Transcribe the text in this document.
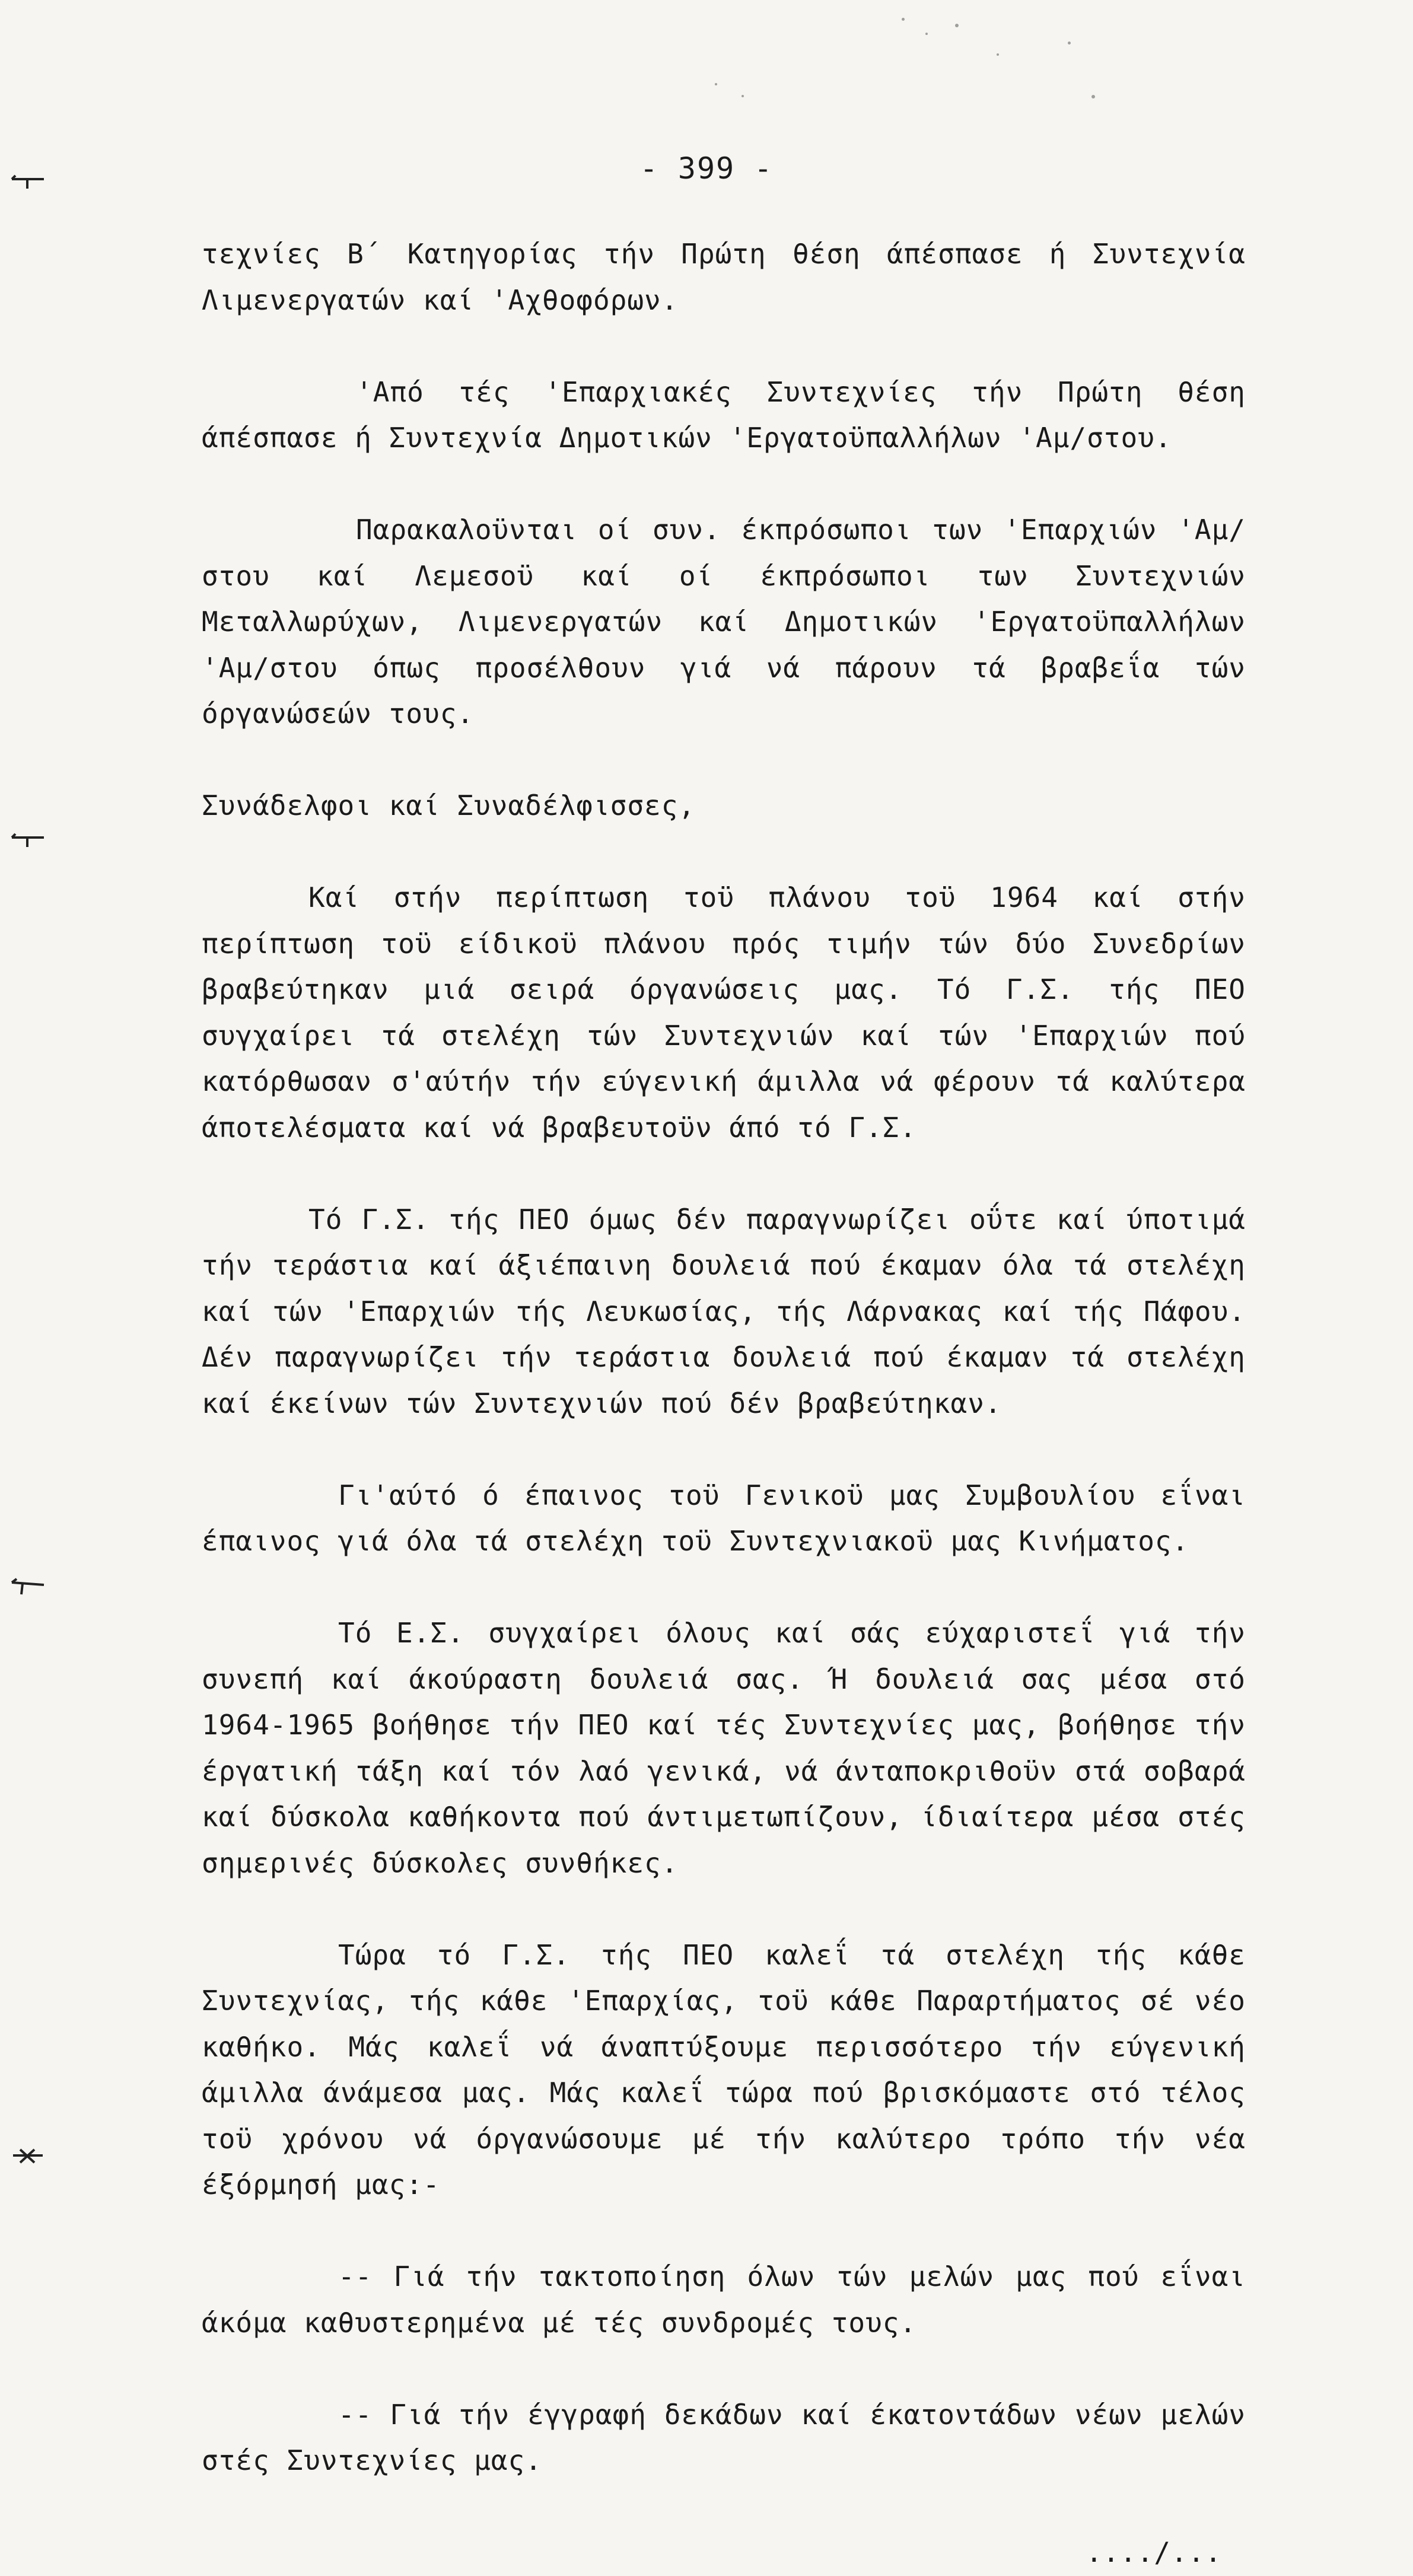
- 399 -

τεχνίες Β΄ Κατηγορίας τήν Πρώτη θέση άπέσπασε ή Συντεχνία Λιμενεργατών καί 'Αχθοφόρων.

'Από τές 'Επαρχιακές Συντεχνίες τήν Πρώτη θέση άπέσπασε ή Συντεχνία Δημοτικών 'Εργατοϋπαλλήλων 'Αμ/στου.

Παρακαλοϋνται οί συν. έκπρόσωποι των 'Επαρχιών 'Αμ/στου καί Λεμεσοϋ καί οί έκπρόσωποι των Συντεχνιών Μεταλλωρύχων, Λιμενεργατών καί Δημοτικών 'Εργατοϋπαλλήλων 'Αμ/στου όπως προσέλθουν γιά νά πάρουν τά βραβεΐα τών όργανώσεών τους.

Συνάδελφοι καί Συναδέλφισσες,

Καί στήν περίπτωση τοϋ πλάνου τοϋ 1964 καί στήν περίπτωση τοϋ είδικοϋ πλάνου πρός τιμήν τών δύο Συνεδρίων βραβεύτηκαν μιά σειρά όργανώσεις μας. Τό Γ.Σ. τής ΠΕΟ συγχαίρει τά στελέχη τών Συντεχνιών καί τών 'Επαρχιών πού κατόρθωσαν σ'αύτήν τήν εύγενική άμιλλα νά φέρουν τά καλύτερα άποτελέσματα καί νά βραβευτοϋν άπό τό Γ.Σ.

Τό Γ.Σ. τής ΠΕΟ όμως δέν παραγνωρίζει οΰτε καί ύποτιμά τήν τεράστια καί άξιέπαινη δουλειά πού έκαμαν όλα τά στελέχη καί τών 'Επαρχιών τής Λευκωσίας, τής Λάρνακας καί τής Πάφου. Δέν παραγνωρίζει τήν τεράστια δουλειά πού έκαμαν τά στελέχη καί έκείνων τών Συντεχνιών πού δέν βραβεύτηκαν.

Γι'αύτό ό έπαινος τοϋ Γενικοϋ μας Συμβουλίου εΐναι έπαινος γιά όλα τά στελέχη τοϋ Συντεχνιακοϋ μας Κινήματος.

Τό Ε.Σ. συγχαίρει όλους καί σάς εύχαριστεΐ γιά τήν συνεπή καί άκούραστη δουλειά σας. Ή δουλειά σας μέσα στό 1964-1965 βοήθησε τήν ΠΕΟ καί τές Συντεχνίες μας, βοήθησε τήν έργατική τάξη καί τόν λαό γενικά, νά άνταποκριθοϋν στά σοβαρά καί δύσκολα καθήκοντα πού άντιμετωπίζουν, ίδιαίτερα μέσα στές σημερινές δύσκολες συνθήκες.

Τώρα τό Γ.Σ. τής ΠΕΟ καλεΐ τά στελέχη τής κάθε Συντεχνίας, τής κάθε 'Επαρχίας, τοϋ κάθε Παραρτήματος σέ νέο καθήκο. Μάς καλεΐ νά άναπτύξουμε περισσότερο τήν εύγενική άμιλλα άνάμεσα μας. Μάς καλεΐ τώρα πού βρισκόμαστε στό τέλος τοϋ χρόνου νά όργανώσουμε μέ τήν καλύτερο τρόπο τήν νέα έξόρμησή μας:-

-- Γιά τήν τακτοποίηση όλων τών μελών μας πού εΐναι άκόμα καθυστερημένα μέ τές συνδρομές τους.

-- Γιά τήν έγγραφή δεκάδων καί έκατοντάδων νέων μελών στές Συντεχνίες μας.

..../...
